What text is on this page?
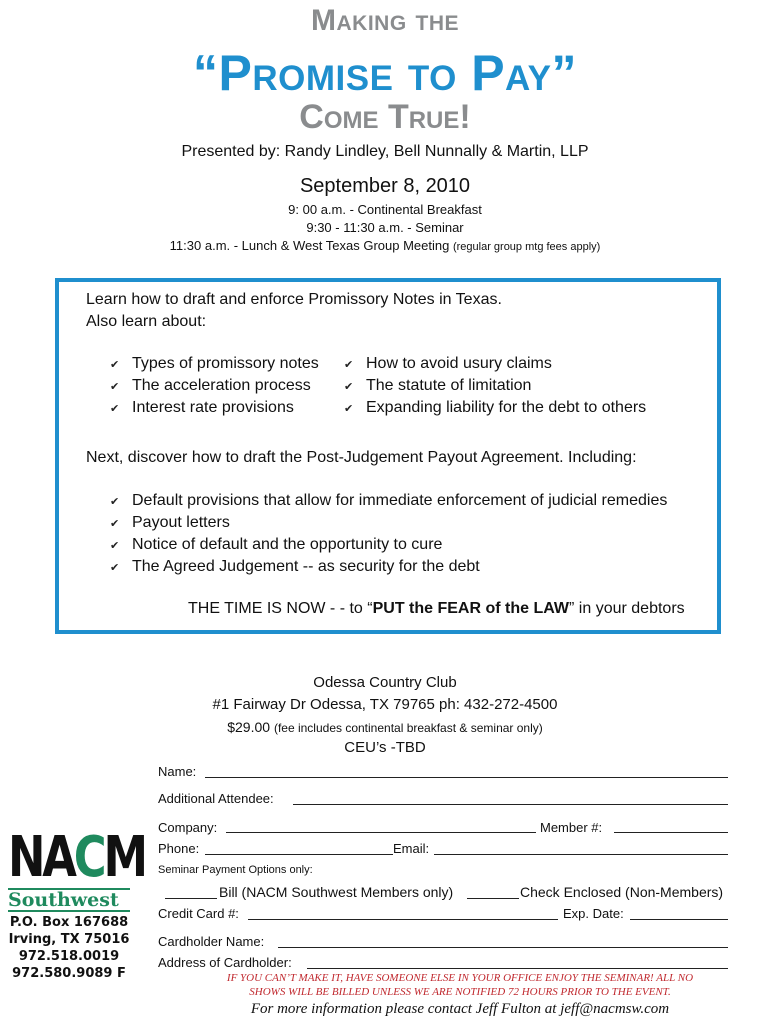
Making the
“Promise to Pay”
Come True!
Presented by: Randy Lindley, Bell Nunnally & Martin, LLP
September 8, 2010
9: 00 a.m. - Continental Breakfast
9:30 - 11:30 a.m. - Seminar
11:30 a.m. - Lunch & West Texas Group Meeting (regular group mtg fees apply)
Learn how to draft and enforce Promissory Notes in Texas.
Also learn about:
✔ Types of promissory notes
✔ The acceleration process
✔ Interest rate provisions
✔ How to avoid usury claims
✔ The statute of limitation
✔ Expanding liability for the debt to others
Next, discover how to draft the Post-Judgement Payout Agreement. Including:
✔ Default provisions that allow for immediate enforcement of judicial remedies
✔ Payout letters
✔ Notice of default and the opportunity to cure
✔ The Agreed Judgement -- as security for the debt
THE TIME IS NOW - - to “PUT the FEAR of the LAW” in your debtors
Odessa Country Club
#1 Fairway Dr Odessa, TX 79765 ph: 432-272-4500
$29.00 (fee includes continental breakfast & seminar only)
CEU’s -TBD
Name:
Additional Attendee:
Company:	Member #:
Phone:	Email:
Seminar Payment Options only:
Bill (NACM Southwest Members only)	Check Enclosed (Non-Members)
Credit Card #:	Exp. Date:
Cardholder Name:
Address of Cardholder:
NACM
Southwest
P.O. Box 167688
Irving, TX 75016
972.518.0019
972.580.9089 F	IF YOU CAN’T MAKE IT, HAVE SOMEONE ELSE IN YOUR OFFICE ENJOY THE SEMINAR! ALL NO
SHOWS WILL BE BILLED UNLESS WE ARE NOTIFIED 72 HOURS PRIOR TO THE EVENT.
For more information please contact Jeff Fulton at jeff@nacmsw.com
